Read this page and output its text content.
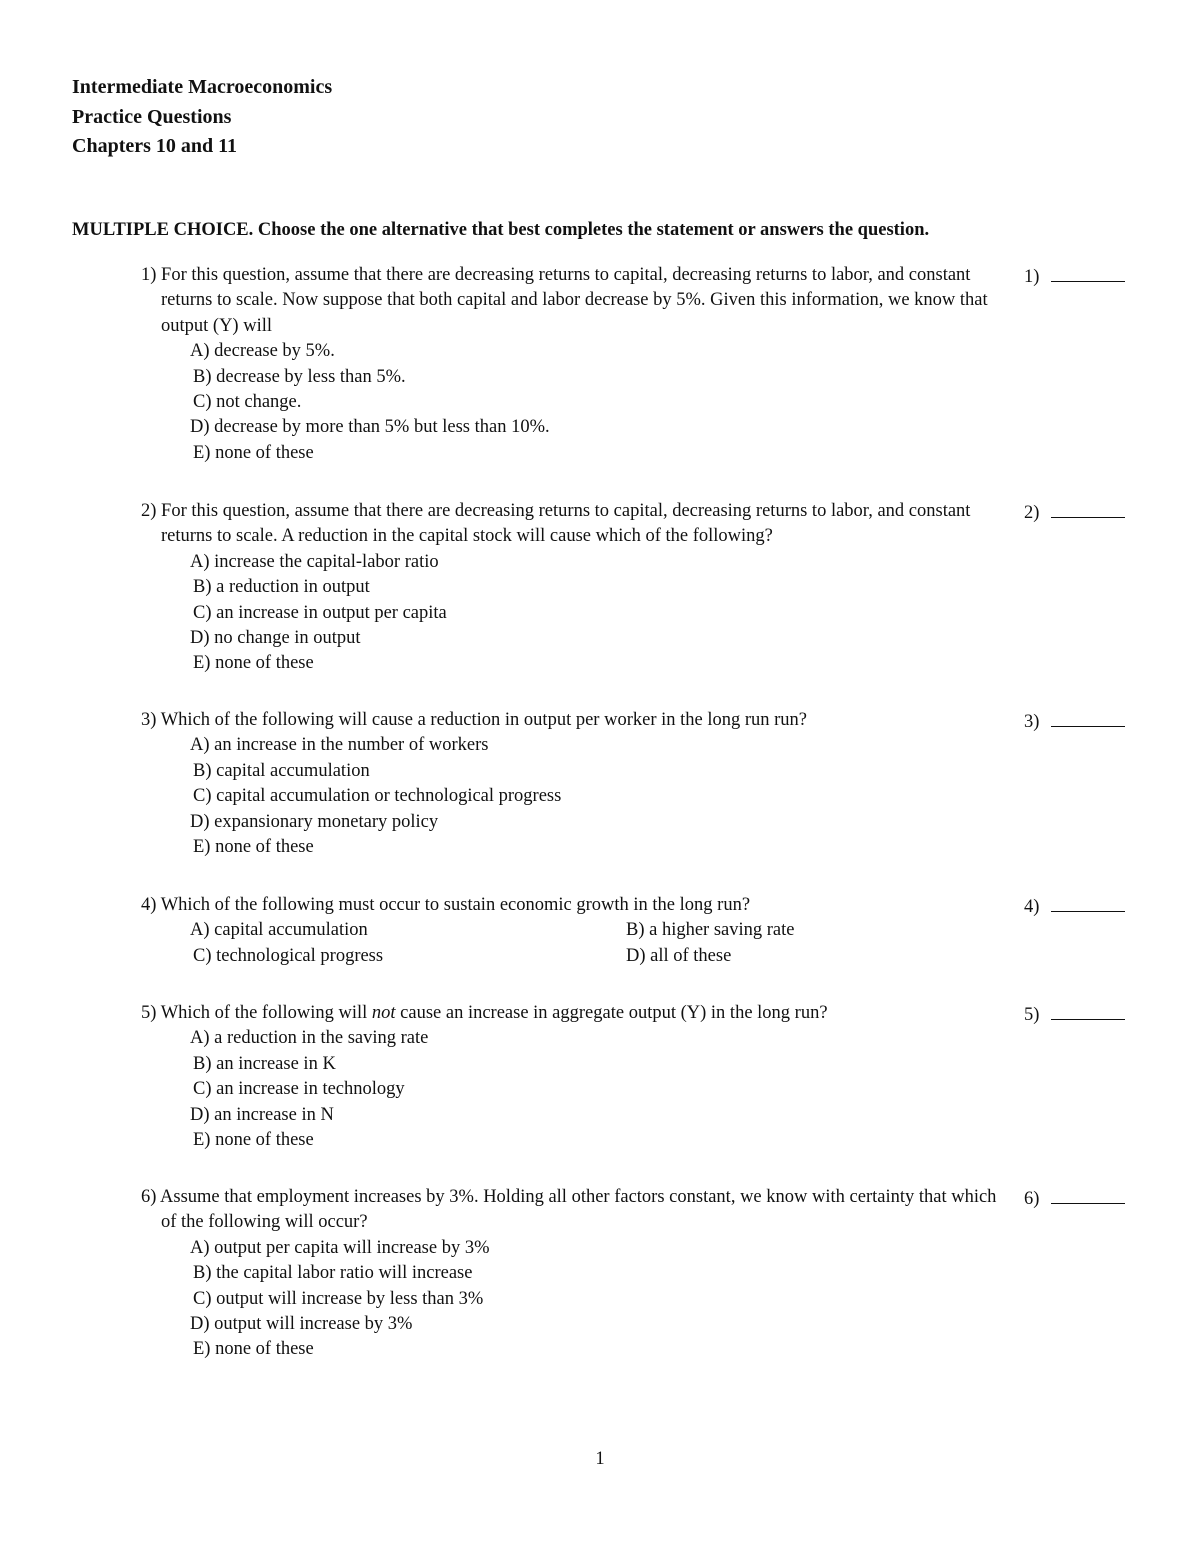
Intermediate Macroeconomics

Practice Questions

Chapters 10 and 11

MULTIPLE CHOICE. Choose the one alternative that best completes the statement or answers the question.

1) For this question, assume that there are decreasing returns to capital, decreasing returns to labor, and constant returns to scale. Now suppose that both capital and labor decrease by 5%. Given this information, we know that output (Y) will
A) decrease by 5%.
B) decrease by less than 5%.
C) not change.
D) decrease by more than 5% but less than 10%.
E) none of these
1)
2) For this question, assume that there are decreasing returns to capital, decreasing returns to labor, and constant returns to scale. A reduction in the capital stock will cause which of the following?
A) increase the capital-labor ratio
B) a reduction in output
C) an increase in output per capita
D) no change in output
E) none of these
2)
3) Which of the following will cause a reduction in output per worker in the long run run?
A) an increase in the number of workers
B) capital accumulation
C) capital accumulation or technological progress
D) expansionary monetary policy
E) none of these
3)
4) Which of the following must occur to sustain economic growth in the long run?
A) capital accumulation	B) a higher saving rate
C) technological progress	D) all of these
4)
5) Which of the following will not cause an increase in aggregate output (Y) in the long run?
A) a reduction in the saving rate
B) an increase in K
C) an increase in technology
D) an increase in N
E) none of these
5)
6) Assume that employment increases by 3%. Holding all other factors constant, we know with certainty that which of the following will occur?
A) output per capita will increase by 3%
B) the capital labor ratio will increase
C) output will increase by less than 3%
D) output will increase by 3%
E) none of these
6)
1
